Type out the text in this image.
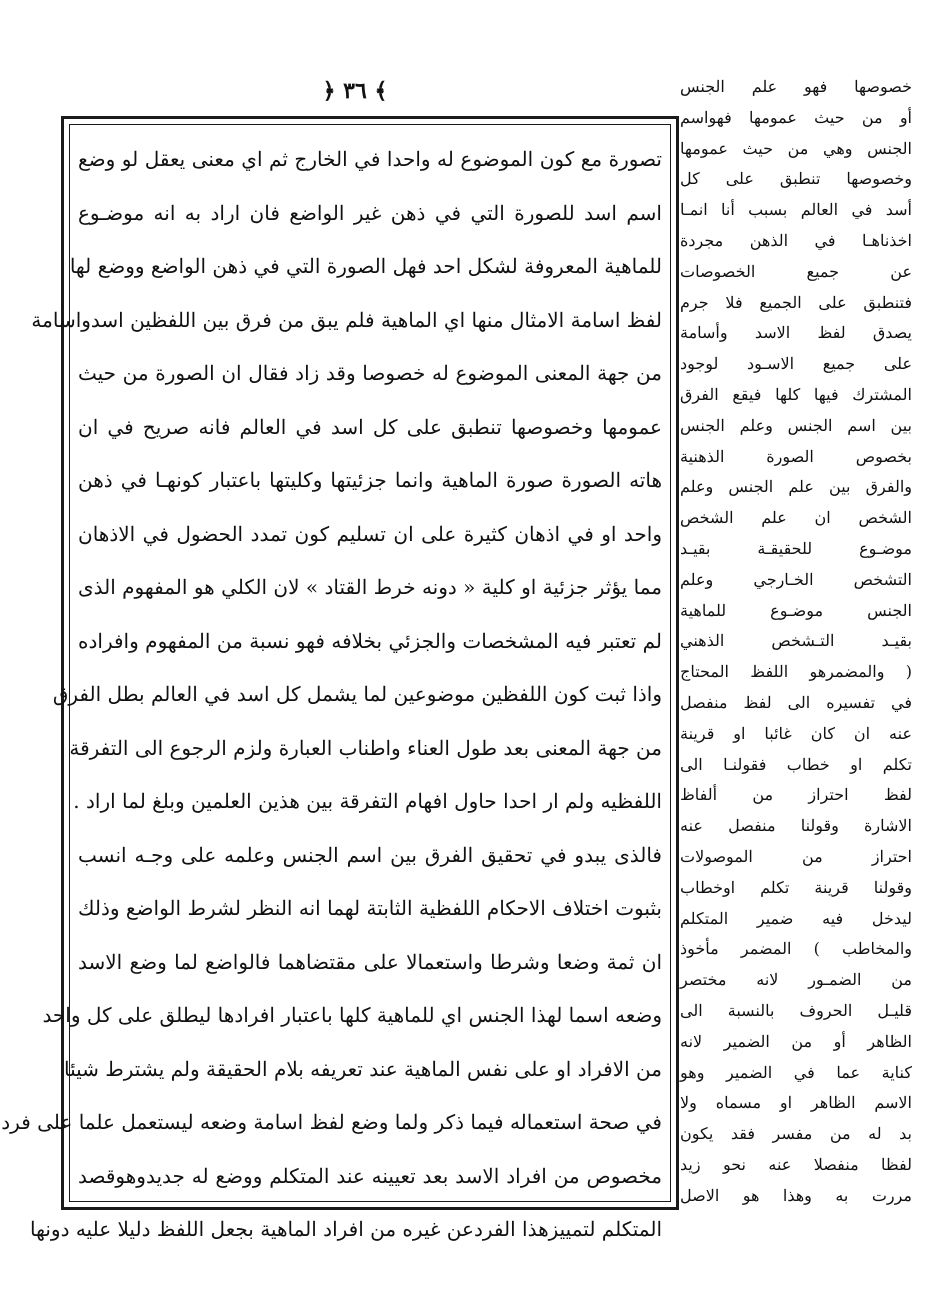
﴿ ٣٦ ﴾
تصورة مع كون الموضوع له واحدا في الخارج ثم اي معنى يعقل لو وضع
اسم اسد للصورة التي في ذهن غير الواضع فان اراد به انه موضـوع
للماهية المعروفة لشكل احد فهل الصورة التي في ذهن الواضع ووضع لها
لفظ اسامة الامثال منها اي الماهية فلم يبق من فرق بين اللفظين اسدواسامة
من جهة المعنى الموضوع له خصوصا وقد زاد فقال ان الصورة من حيث
عمومها وخصوصها تنطبق على كل اسد في العالم فانه صريح في ان
هاته الصورة صورة الماهية وانما جزئيتها وكليتها باعتبار كونهـا في ذهن
واحد او في اذهان كثيرة على ان تسليم كون تمدد الحضول في الاذهان
مما يؤثر جزئية او كلية « دونه خرط القتاد » لان الكلي هو المفهوم الذى
لم تعتبر فيه المشخصات والجزئي بخلافه فهو نسبة من المفهوم وافراده
واذا ثبت كون اللفظين موضوعين لما يشمل كل اسد في العالم بطل الفرق
من جهة المعنى بعد طول العناء واطناب العبارة ولزم الرجوع الى التفرقة
اللفظيه ولم ار احدا حاول افهام التفرقة بين هذين العلمين وبلغ لما اراد .
فالذى يبدو في تحقيق الفرق بين اسم الجنس وعلمه على وجـه انسب
بثبوت اختلاف الاحكام اللفظية الثابتة لهما انه النظر لشرط الواضع وذلك
ان ثمة وضعا وشرطا واستعمالا على مقتضاهما فالواضع لما وضع الاسد
وضعه اسما لهذا الجنس اي للماهية كلها باعتبار افرادها ليطلق على كل واحد
من الافراد او على نفس الماهية عند تعريفه بلام الحقيقة ولم يشترط شيئا
في صحة استعماله فيما ذكر ولما وضع لفظ اسامة وضعه ليستعمل علما على فرد
مخصوص من افراد الاسد بعد تعيينه عند المتكلم ووضع له جديدوهوقصد
المتكلم لتمييزهذا الفردعن غيره من افراد الماهية بجعل اللفظ دليلا عليه دونها
خصوصها فهو علم الجنس
أو من حيث عمومها فهواسم
الجنس وهي من حيث عمومها
وخصوصها تنطبق على كل
أسد في العالم بسبب أنا انمـا
اخذناهـا في الذهن مجردة
عن جميع الخصوصات
فتنطبق على الجميع فلا جرم
يصدق لفظ الاسد وأسامة
على جميع الاسـود لوجود
المشترك فيها كلها فيقع الفرق
بين اسم الجنس وعلم الجنس
بخصوص الصورة الذهنية
والفرق بين علم الجنس وعلم
الشخص ان علم الشخص
موضـوع للحقيقـة بقيـد
التشخص الخـارجي وعلم
الجنس موضـوع للماهية
بقيـد التـشخص الذهني
( والمضمرهو اللفظ المحتاج
في تفسيره الى لفظ منفصل
عنه ان كان غائبا او قرينة
تكلم او خطاب فقولنـا الى
لفظ احتراز من ألفاظ
الاشارة وقولنا منفصل عنه
احتراز من الموصولات
وقولنا قرينة تكلم اوخطاب
ليدخل فيه ضمير المتكلم
والمخاطب ) المضمر مأخوذ
من الضمـور لانه مختصر
قليـل الحروف بالنسبة الى
الظاهر أو من الضمير لانه
كناية عما في الضمير وهو
الاسم الظاهر او مسماه ولا
بد له من مفسر فقد يكون
لفظا منفصلا عنه نحو زيد
مررت به وهذا هو الاصل
